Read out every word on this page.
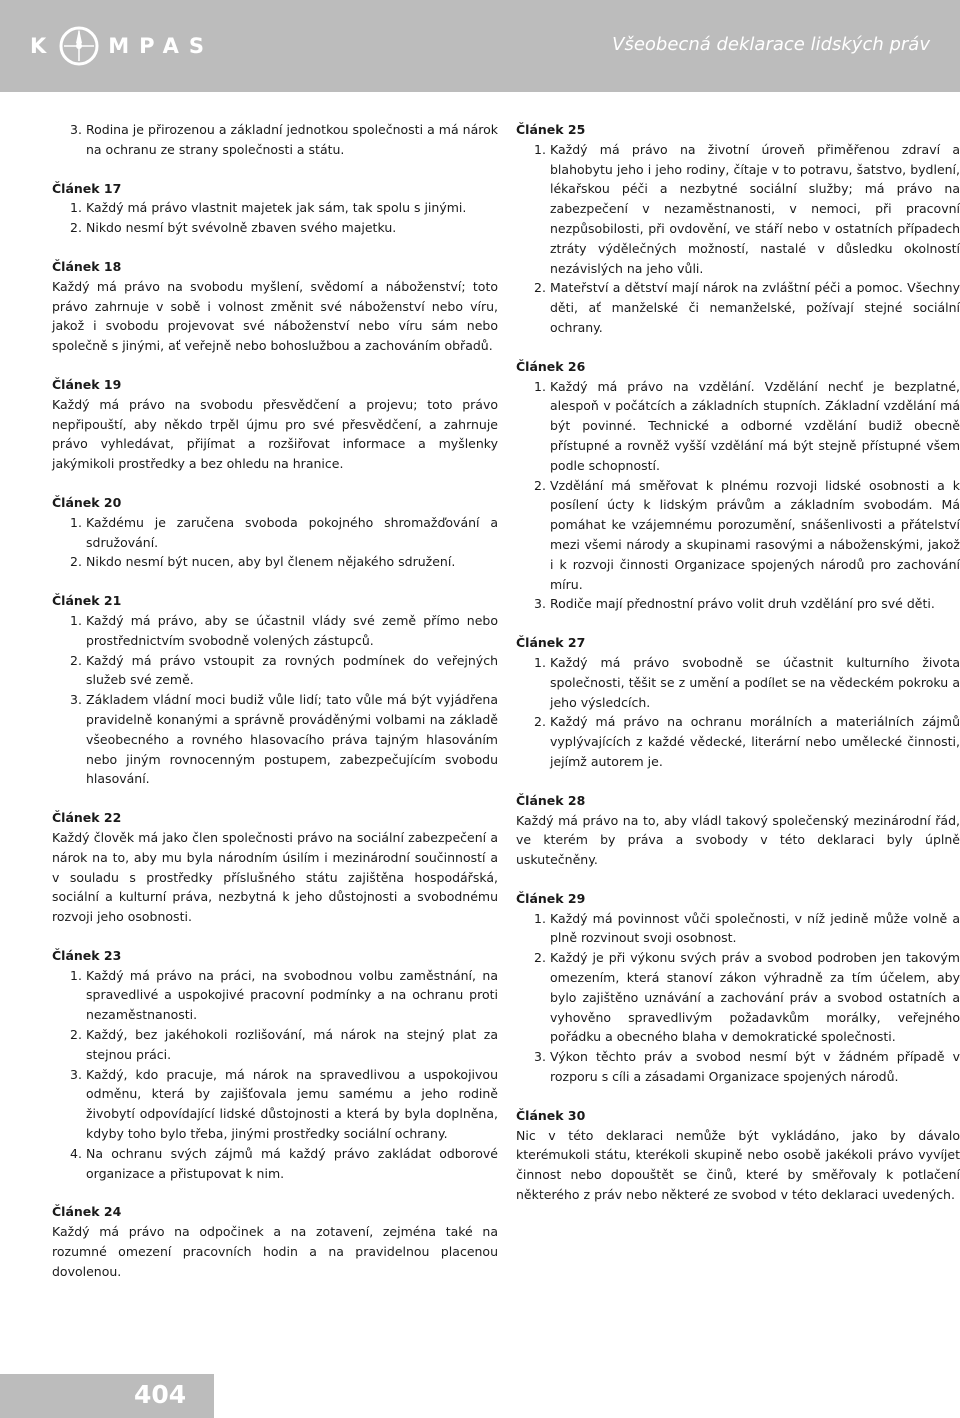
K MPAS	Všeobecná deklarace lidských práv
3. Rodina je přirozenou a základní jednotkou společnosti a má nárok na ochranu ze strany společnosti a státu.
Článek 17
1. Každý má právo vlastnit majetek jak sám, tak spolu s jinými.
2. Nikdo nesmí být svévolně zbaven svého majetku.
Článek 18

Každý má právo na svobodu myšlení, svědomí a náboženství; toto právo zahrnuje v sobě i volnost změnit své náboženství nebo víru, jakož i svobodu projevovat své náboženství nebo víru sám nebo společně s jinými, ať veřejně nebo bohoslužbou a zachováním obřadů.

Článek 19

Každý má právo na svobodu přesvědčení a projevu; toto právo nepřipouští, aby někdo trpěl újmu pro své přesvědčení, a zahrnuje právo vyhledávat, přijímat a rozšiřovat informace a myšlenky jakýmikoli prostředky a bez ohledu na hranice.

Článek 20
1. Každému je zaručena svoboda pokojného shromažďování a sdružování.
2. Nikdo nesmí být nucen, aby byl členem nějakého sdružení.
Článek 21
1. Každý má právo, aby se účastnil vlády své země přímo nebo prostřednictvím svobodně volených zástupců.
2. Každý má právo vstoupit za rovných podmínek do veřejných služeb své země.
3. Základem vládní moci budiž vůle lidí; tato vůle má být vyjádřena pravidelně konanými a správně prováděnými volbami na základě všeobecného a rovného hlasovacího práva tajným hlasováním nebo jiným rovnocenným postupem, zabezpečujícím svobodu hlasování.
Článek 22

Každý člověk má jako člen společnosti právo na sociální zabezpečení a nárok na to, aby mu byla národním úsilím i mezinárodní součinností a v souladu s prostředky příslušného státu zajištěna hospodářská, sociální a kulturní práva, nezbytná k jeho důstojnosti a svobodnému rozvoji jeho osobnosti.

Článek 23
1. Každý má právo na práci, na svobodnou volbu zaměstnání, na spravedlivé a uspokojivé pracovní podmínky a na ochranu proti nezaměstnanosti.
2. Každý, bez jakéhokoli rozlišování, má nárok na stejný plat za stejnou práci.
3. Každý, kdo pracuje, má nárok na spravedlivou a uspokojivou odměnu, která by zajišťovala jemu samému a jeho rodině živobytí odpovídající lidské důstojnosti a která by byla doplněna, kdyby toho bylo třeba, jinými prostředky sociální ochrany.
4. Na ochranu svých zájmů má každý právo zakládat odborové organizace a přistupovat k nim.
Článek 24

Každý má právo na odpočinek a na zotavení, zejména také na rozumné omezení pracovních hodin a na pravidelnou placenou dovolenou.

Článek 25
1. Každý má právo na životní úroveň přiměřenou zdraví a blahobytu jeho i jeho rodiny, čítaje v to potravu, šatstvo, bydlení, lékařskou péči a nezbytné sociální služby; má právo na zabezpečení v nezaměstnanosti, v nemoci, při pracovní nezpůsobilosti, při ovdovění, ve stáří nebo v ostatních případech ztráty výdělečných možností, nastalé v důsledku okolností nezávislých na jeho vůli.
2. Mateřství a dětství mají nárok na zvláštní péči a pomoc. Všechny děti, ať manželské či nemanželské, požívají stejné sociální ochrany.
Článek 26
1. Každý má právo na vzdělání. Vzdělání nechť je bezplatné, alespoň v počátcích a základních stupních. Základní vzdělání má být povinné. Technické a odborné vzdělání budiž obecně přístupné a rovněž vyšší vzdělání má být stejně přístupné všem podle schopností.
2. Vzdělání má směřovat k plnému rozvoji lidské osobnosti a k posílení úcty k lidským právům a základním svobodám. Má pomáhat ke vzájemnému porozumění, snášenlivosti a přátelství mezi všemi národy a skupinami rasovými a náboženskými, jakož i k rozvoji činnosti Organizace spojených národů pro zachování míru.
3. Rodiče mají přednostní právo volit druh vzdělání pro své děti.
Článek 27
1. Každý má právo svobodně se účastnit kulturního života společnosti, těšit se z umění a podílet se na vědeckém pokroku a jeho výsledcích.
2. Každý má právo na ochranu morálních a materiálních zájmů vyplývajících z každé vědecké, literární nebo umělecké činnosti, jejímž autorem je.
Článek 28

Každý má právo na to, aby vládl takový společenský mezinárodní řád, ve kterém by práva a svobody v této deklaraci byly úplně uskutečněny.

Článek 29
1. Každý má povinnost vůči společnosti, v níž jedině může volně a plně rozvinout svoji osobnost.
2. Každý je při výkonu svých práv a svobod podroben jen takovým omezením, která stanoví zákon výhradně za tím účelem, aby bylo zajištěno uznávání a zachování práv a svobod ostatních a vyhověno spravedlivým požadavkům morálky, veřejného pořádku a obecného blaha v demokratické společnosti.
3. Výkon těchto práv a svobod nesmí být v žádném případě v rozporu s cíli a zásadami Organizace spojených národů.
Článek 30

Nic v této deklaraci nemůže být vykládáno, jako by dávalo kterémukoli státu, kterékoli skupině nebo osobě jakékoli právo vyvíjet činnost nebo dopouštět se činů, které by směřovaly k potlačení některého z práv nebo některé ze svobod v této deklaraci uvedených.

404
